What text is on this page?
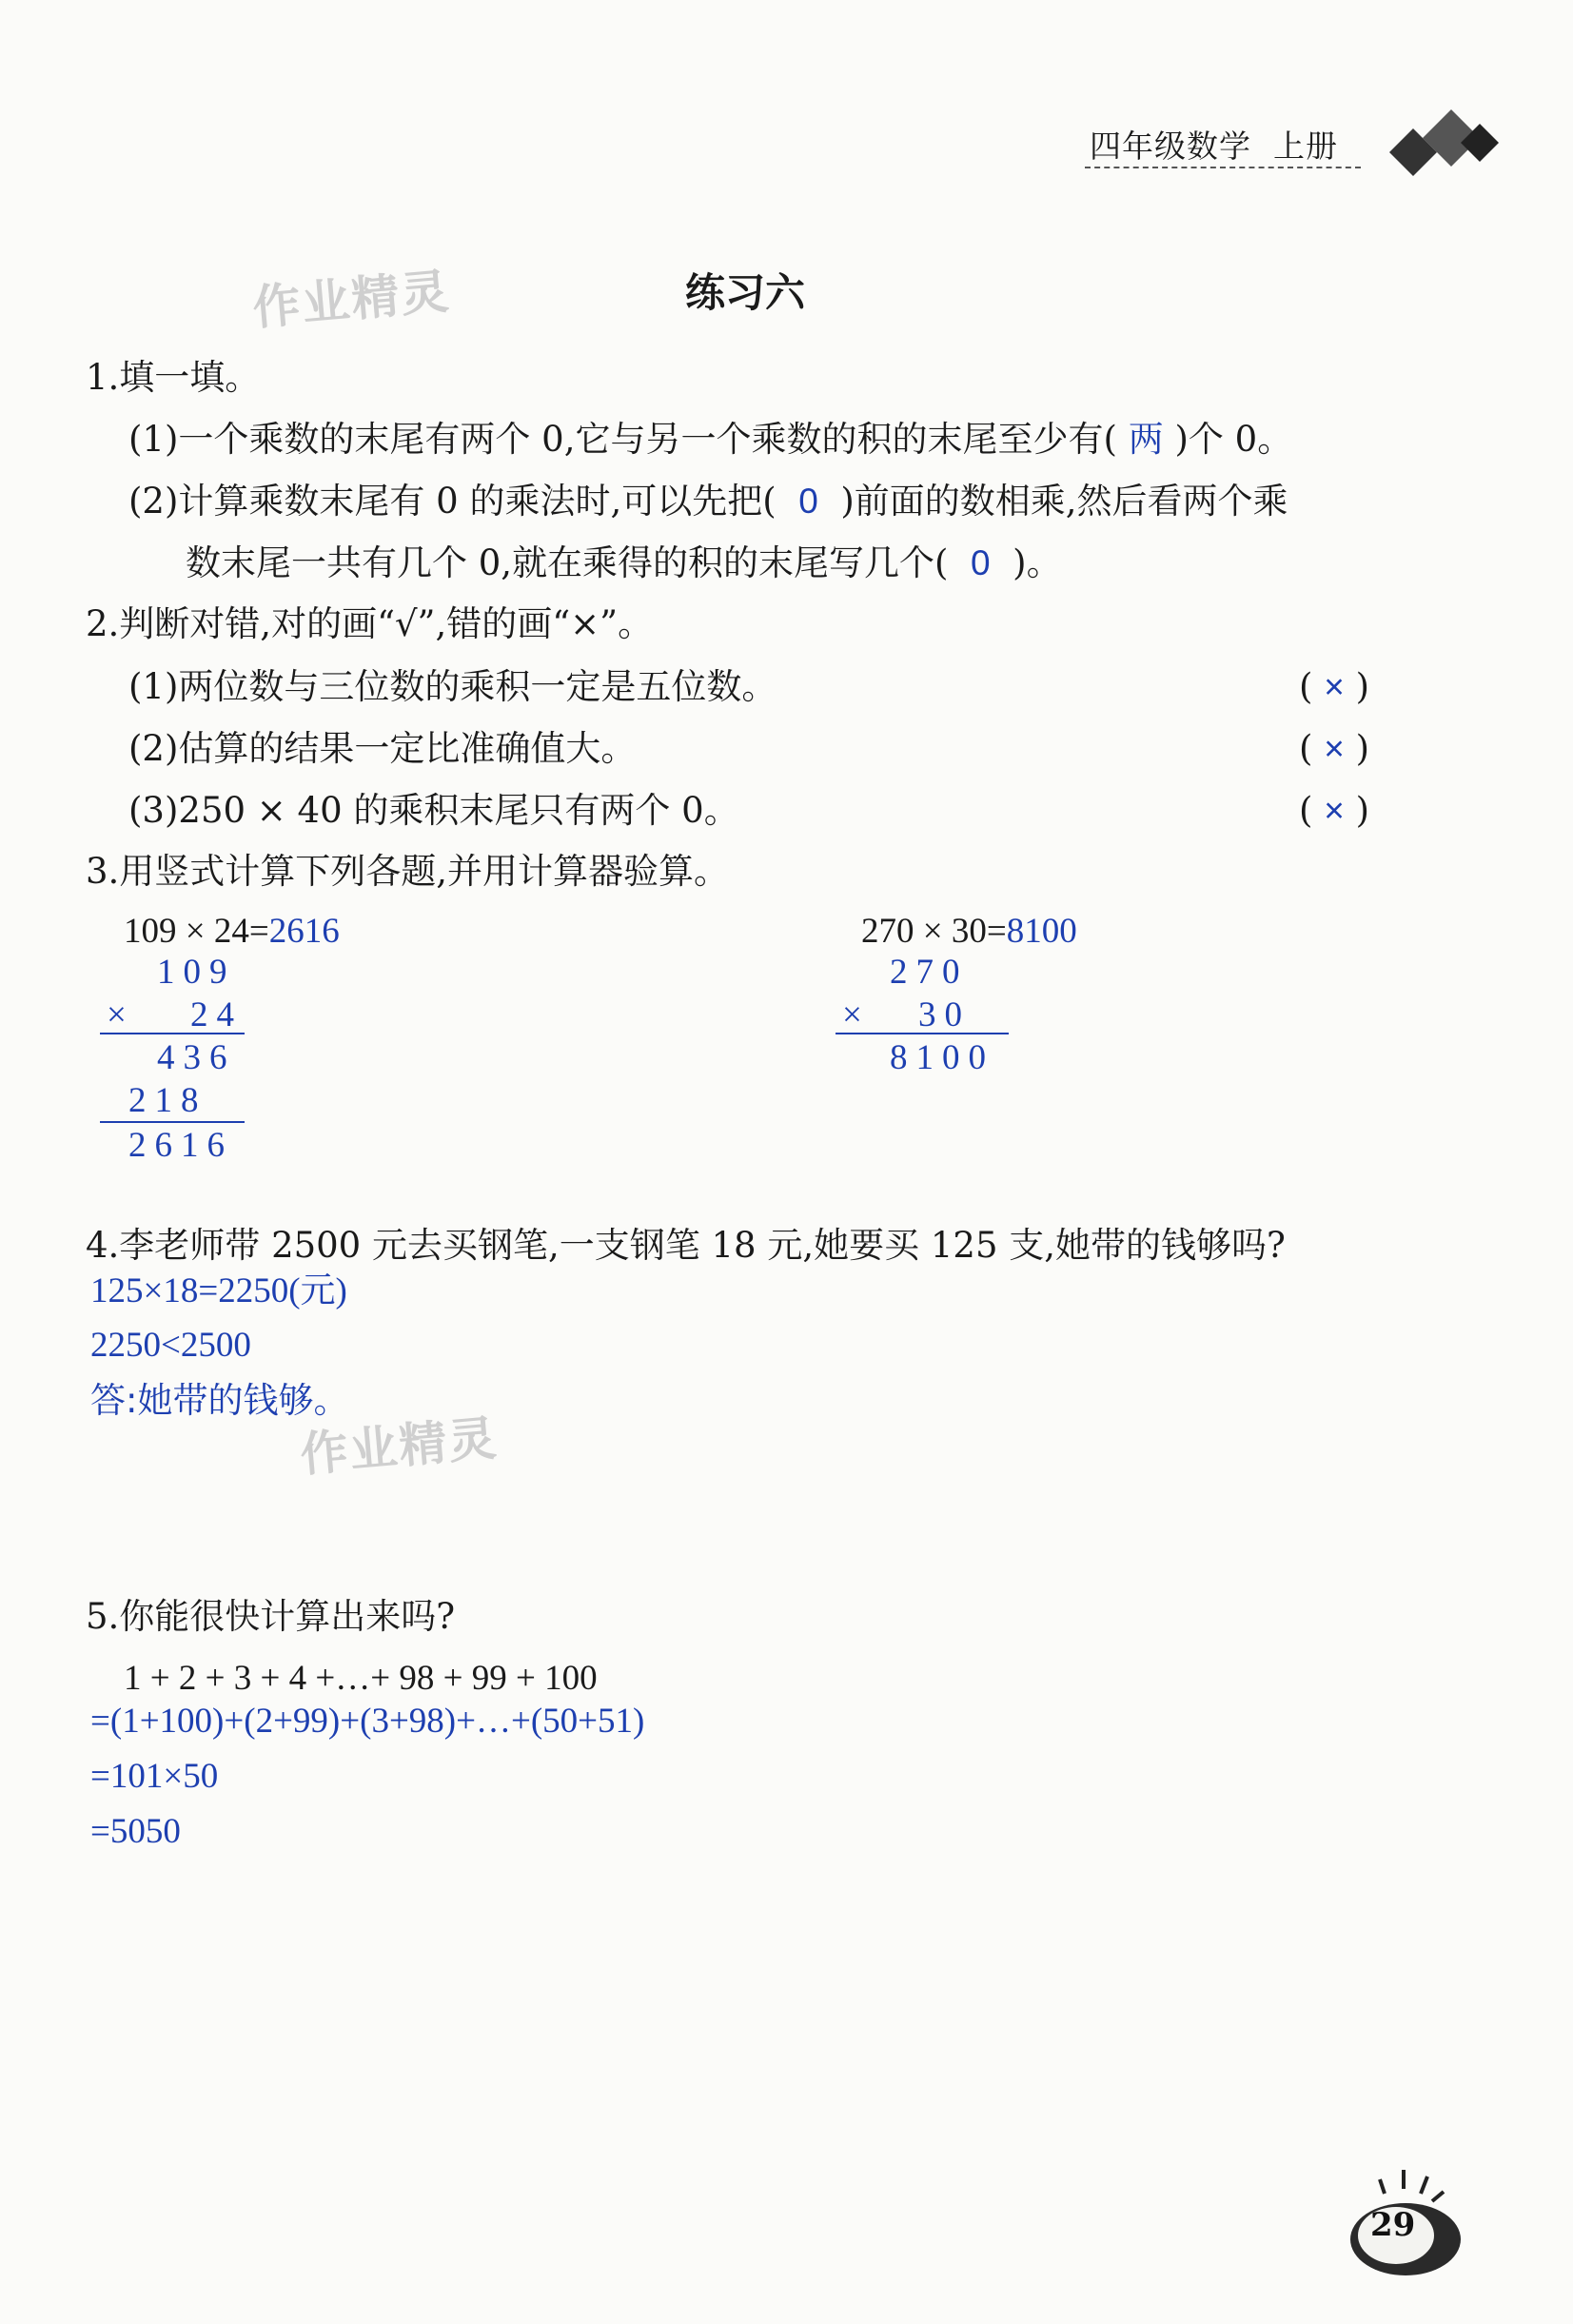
四年级数学 上册
作业精灵
作业精灵
练习六
1.填一填。
(1)一个乘数的末尾有两个 0,它与另一个乘数的积的末尾至少有( 两 )个 0。
(2)计算乘数末尾有 0 的乘法时,可以先把( 0 )前面的数相乘,然后看两个乘
数末尾一共有几个 0,就在乘得的积的末尾写几个( 0 )。
2.判断对错,对的画“√”,错的画“×”。
(1)两位数与三位数的乘积一定是五位数。	( × )
(2)估算的结果一定比准确值大。	( × )
(3)250 × 40 的乘积末尾只有两个 0。	( × )
3.用竖式计算下列各题,并用计算器验算。
109 × 24=2616
109
× 24
436
218
2616
270 × 30=8100
270
× 30
8100
4.李老师带 2500 元去买钢笔,一支钢笔 18 元,她要买 125 支,她带的钱够吗?
125×18=2250(元)
2250<2500
答:她带的钱够。
5.你能很快计算出来吗?
1 + 2 + 3 + 4 +…+ 98 + 99 + 100
=(1+100)+(2+99)+(3+98)+…+(50+51)
=101×50
=5050
29
